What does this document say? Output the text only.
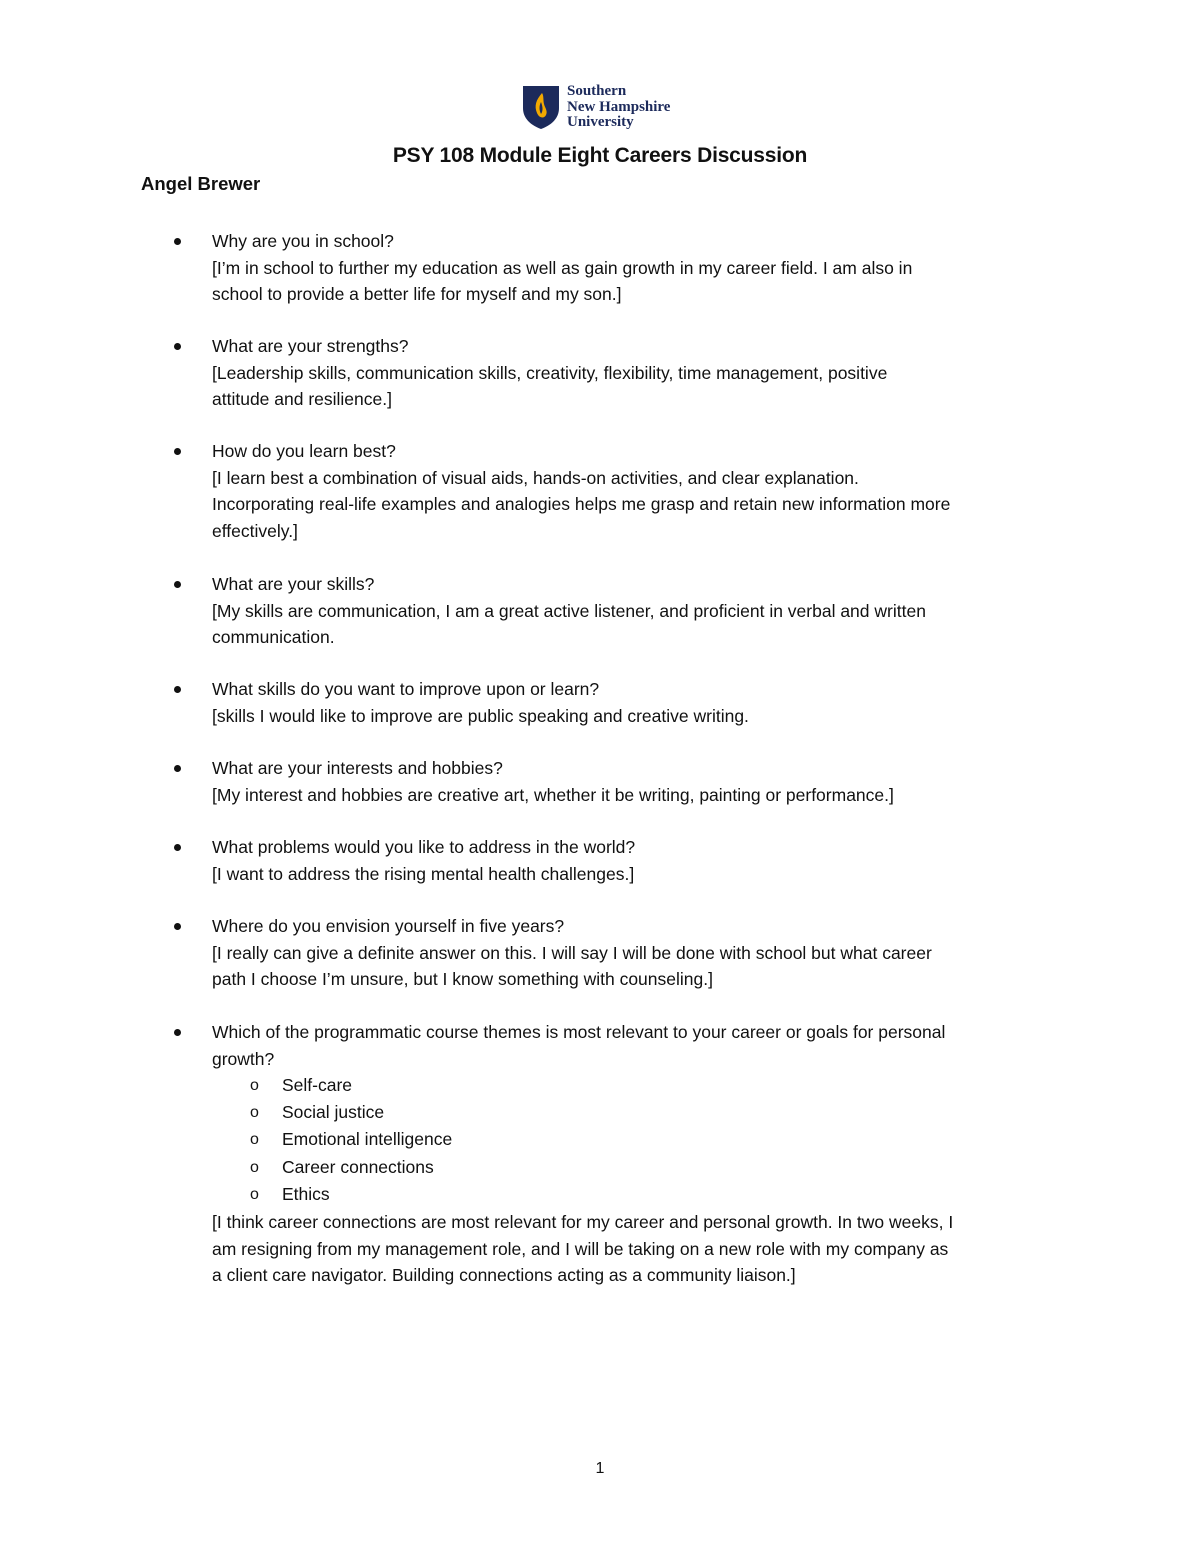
Southern
New Hampshire
University
PSY 108 Module Eight Careers Discussion
Angel Brewer
Why are you in school?
[I’m in school to further my education as well as gain growth in my career field. I am also in
school to provide a better life for myself and my son.]
What are your strengths?
[Leadership skills, communication skills, creativity, flexibility, time management, positive
attitude and resilience.]
How do you learn best?
[I learn best a combination of visual aids, hands-on activities, and clear explanation.
Incorporating real-life examples and analogies helps me grasp and retain new information more
effectively.]
What are your skills?
[My skills are communication, I am a great active listener, and proficient in verbal and written
communication.
What skills do you want to improve upon or learn?
[skills I would like to improve are public speaking and creative writing.
What are your interests and hobbies?
[My interest and hobbies are creative art, whether it be writing, painting or performance.]
What problems would you like to address in the world?
[I want to address the rising mental health challenges.]
Where do you envision yourself in five years?
[I really can give a definite answer on this. I will say I will be done with school but what career
path I choose I’m unsure, but I know something with counseling.]
Which of the programmatic course themes is most relevant to your career or goals for personal
growth?
o Self-care
o Social justice
o Emotional intelligence
o Career connections
o Ethics
[I think career connections are most relevant for my career and personal growth. In two weeks, I
am resigning from my management role, and I will be taking on a new role with my company as
a client care navigator. Building connections acting as a community liaison.]
1
